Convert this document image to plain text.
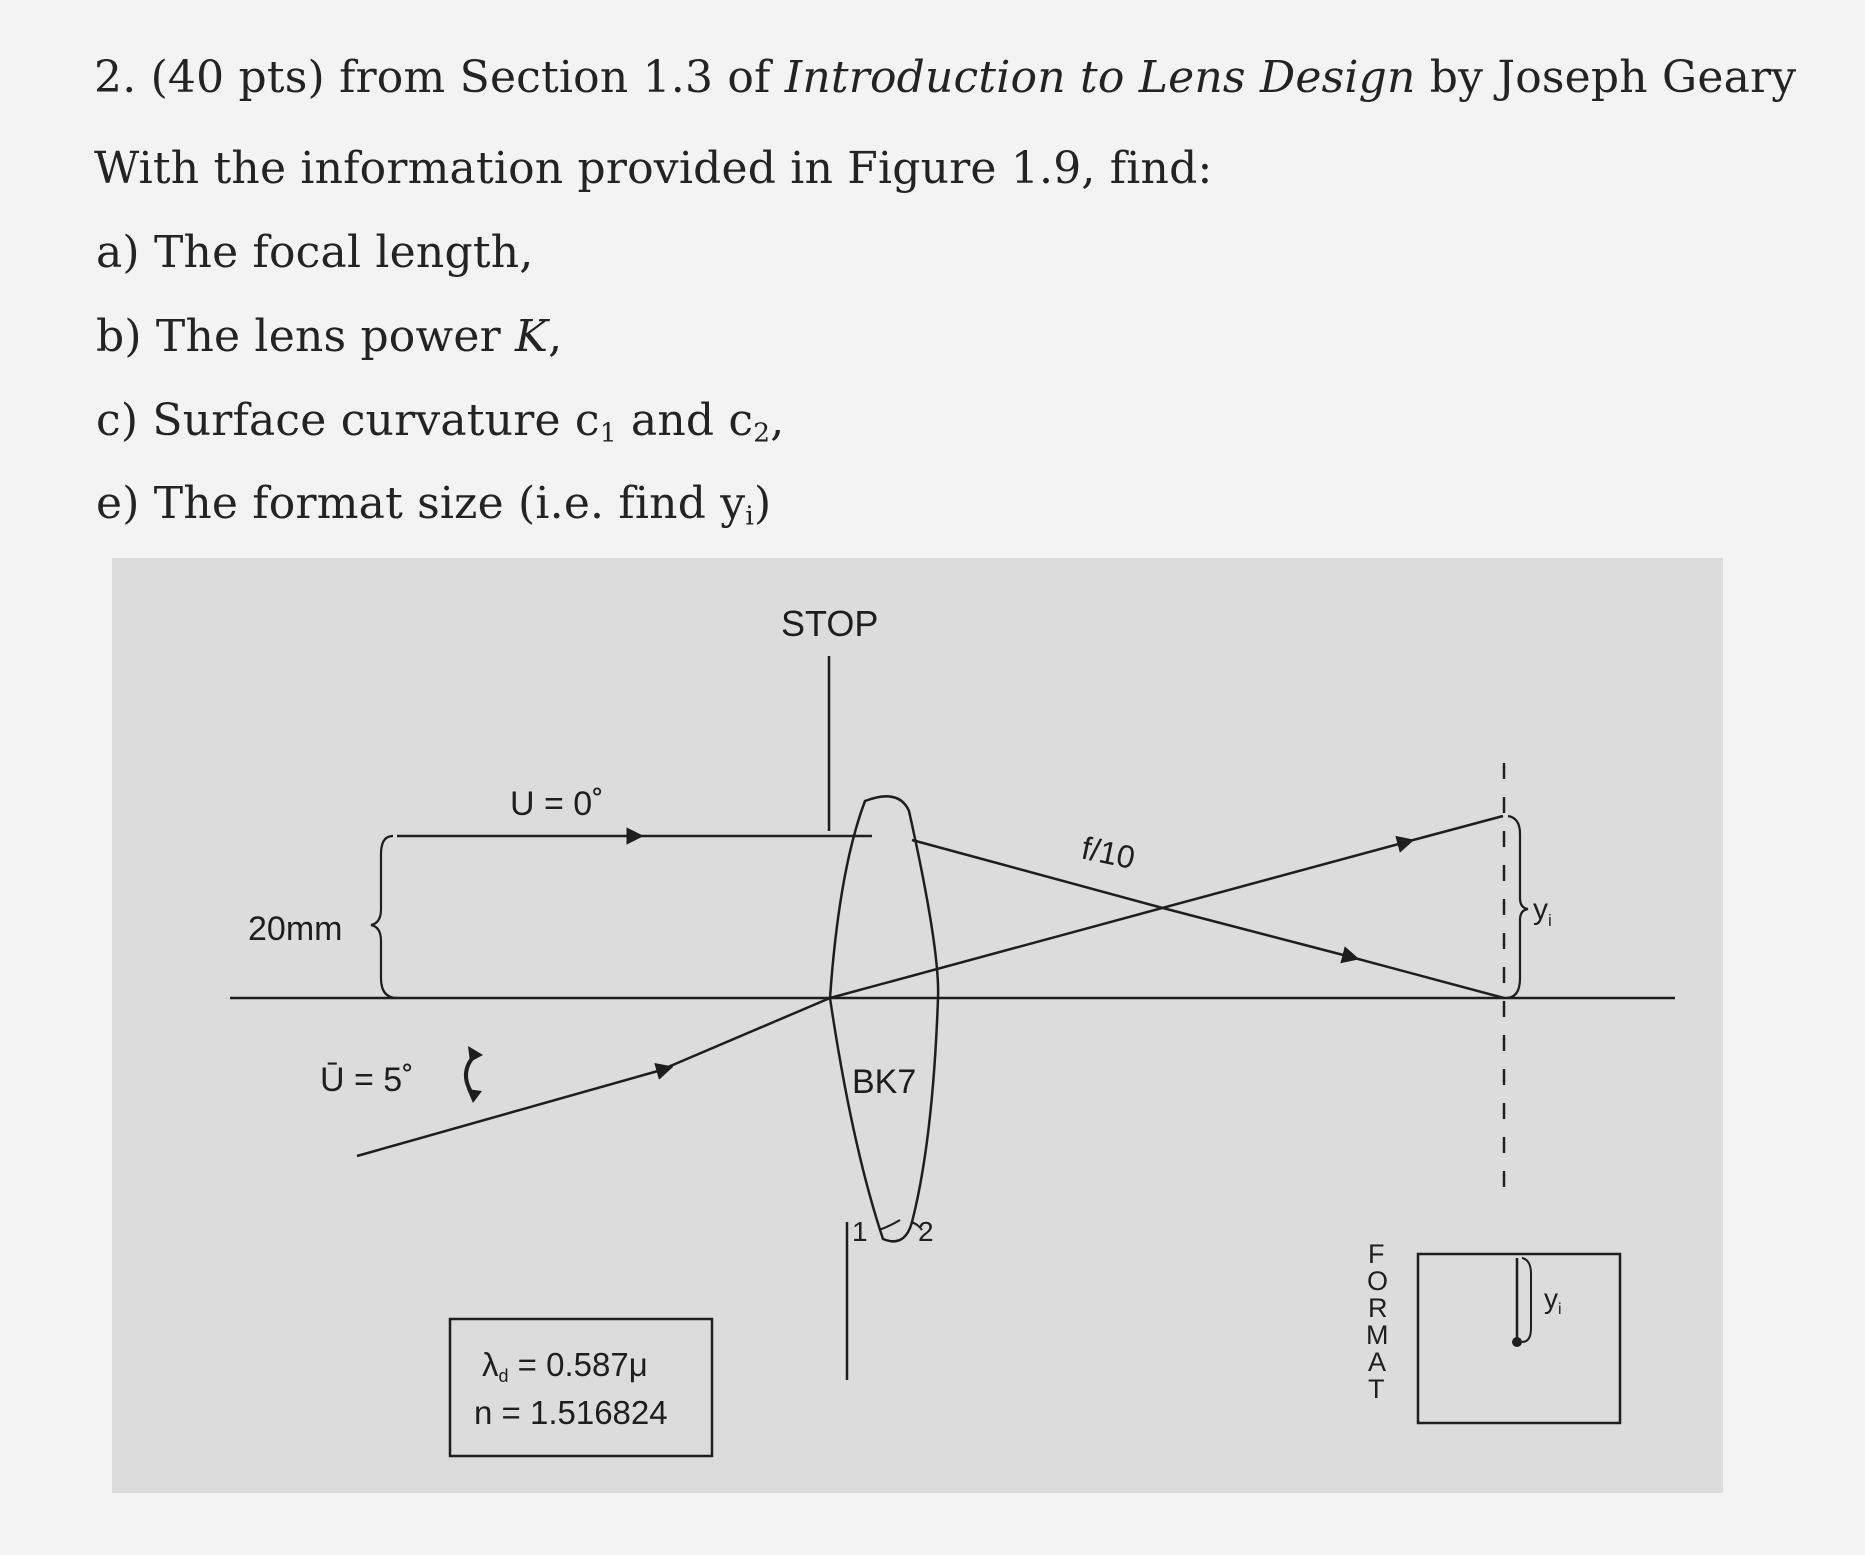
2. (40 pts) from Section 1.3 of Introduction to Lens Design by Joseph Geary

With the information provided in Figure 1.9, find:

a) The focal length,

b) The lens power K,

c) Surface curvature $c_1$ and $c_2$,

e) The format size (i.e. find $y_i$)

STOP
1 2
BK7
U = 0˚
f/10
20mm
Ū = 5˚
$y_i$
F
O
R
M
A
T
$y_i$
λd = 0.587μ
n = 1.516824
